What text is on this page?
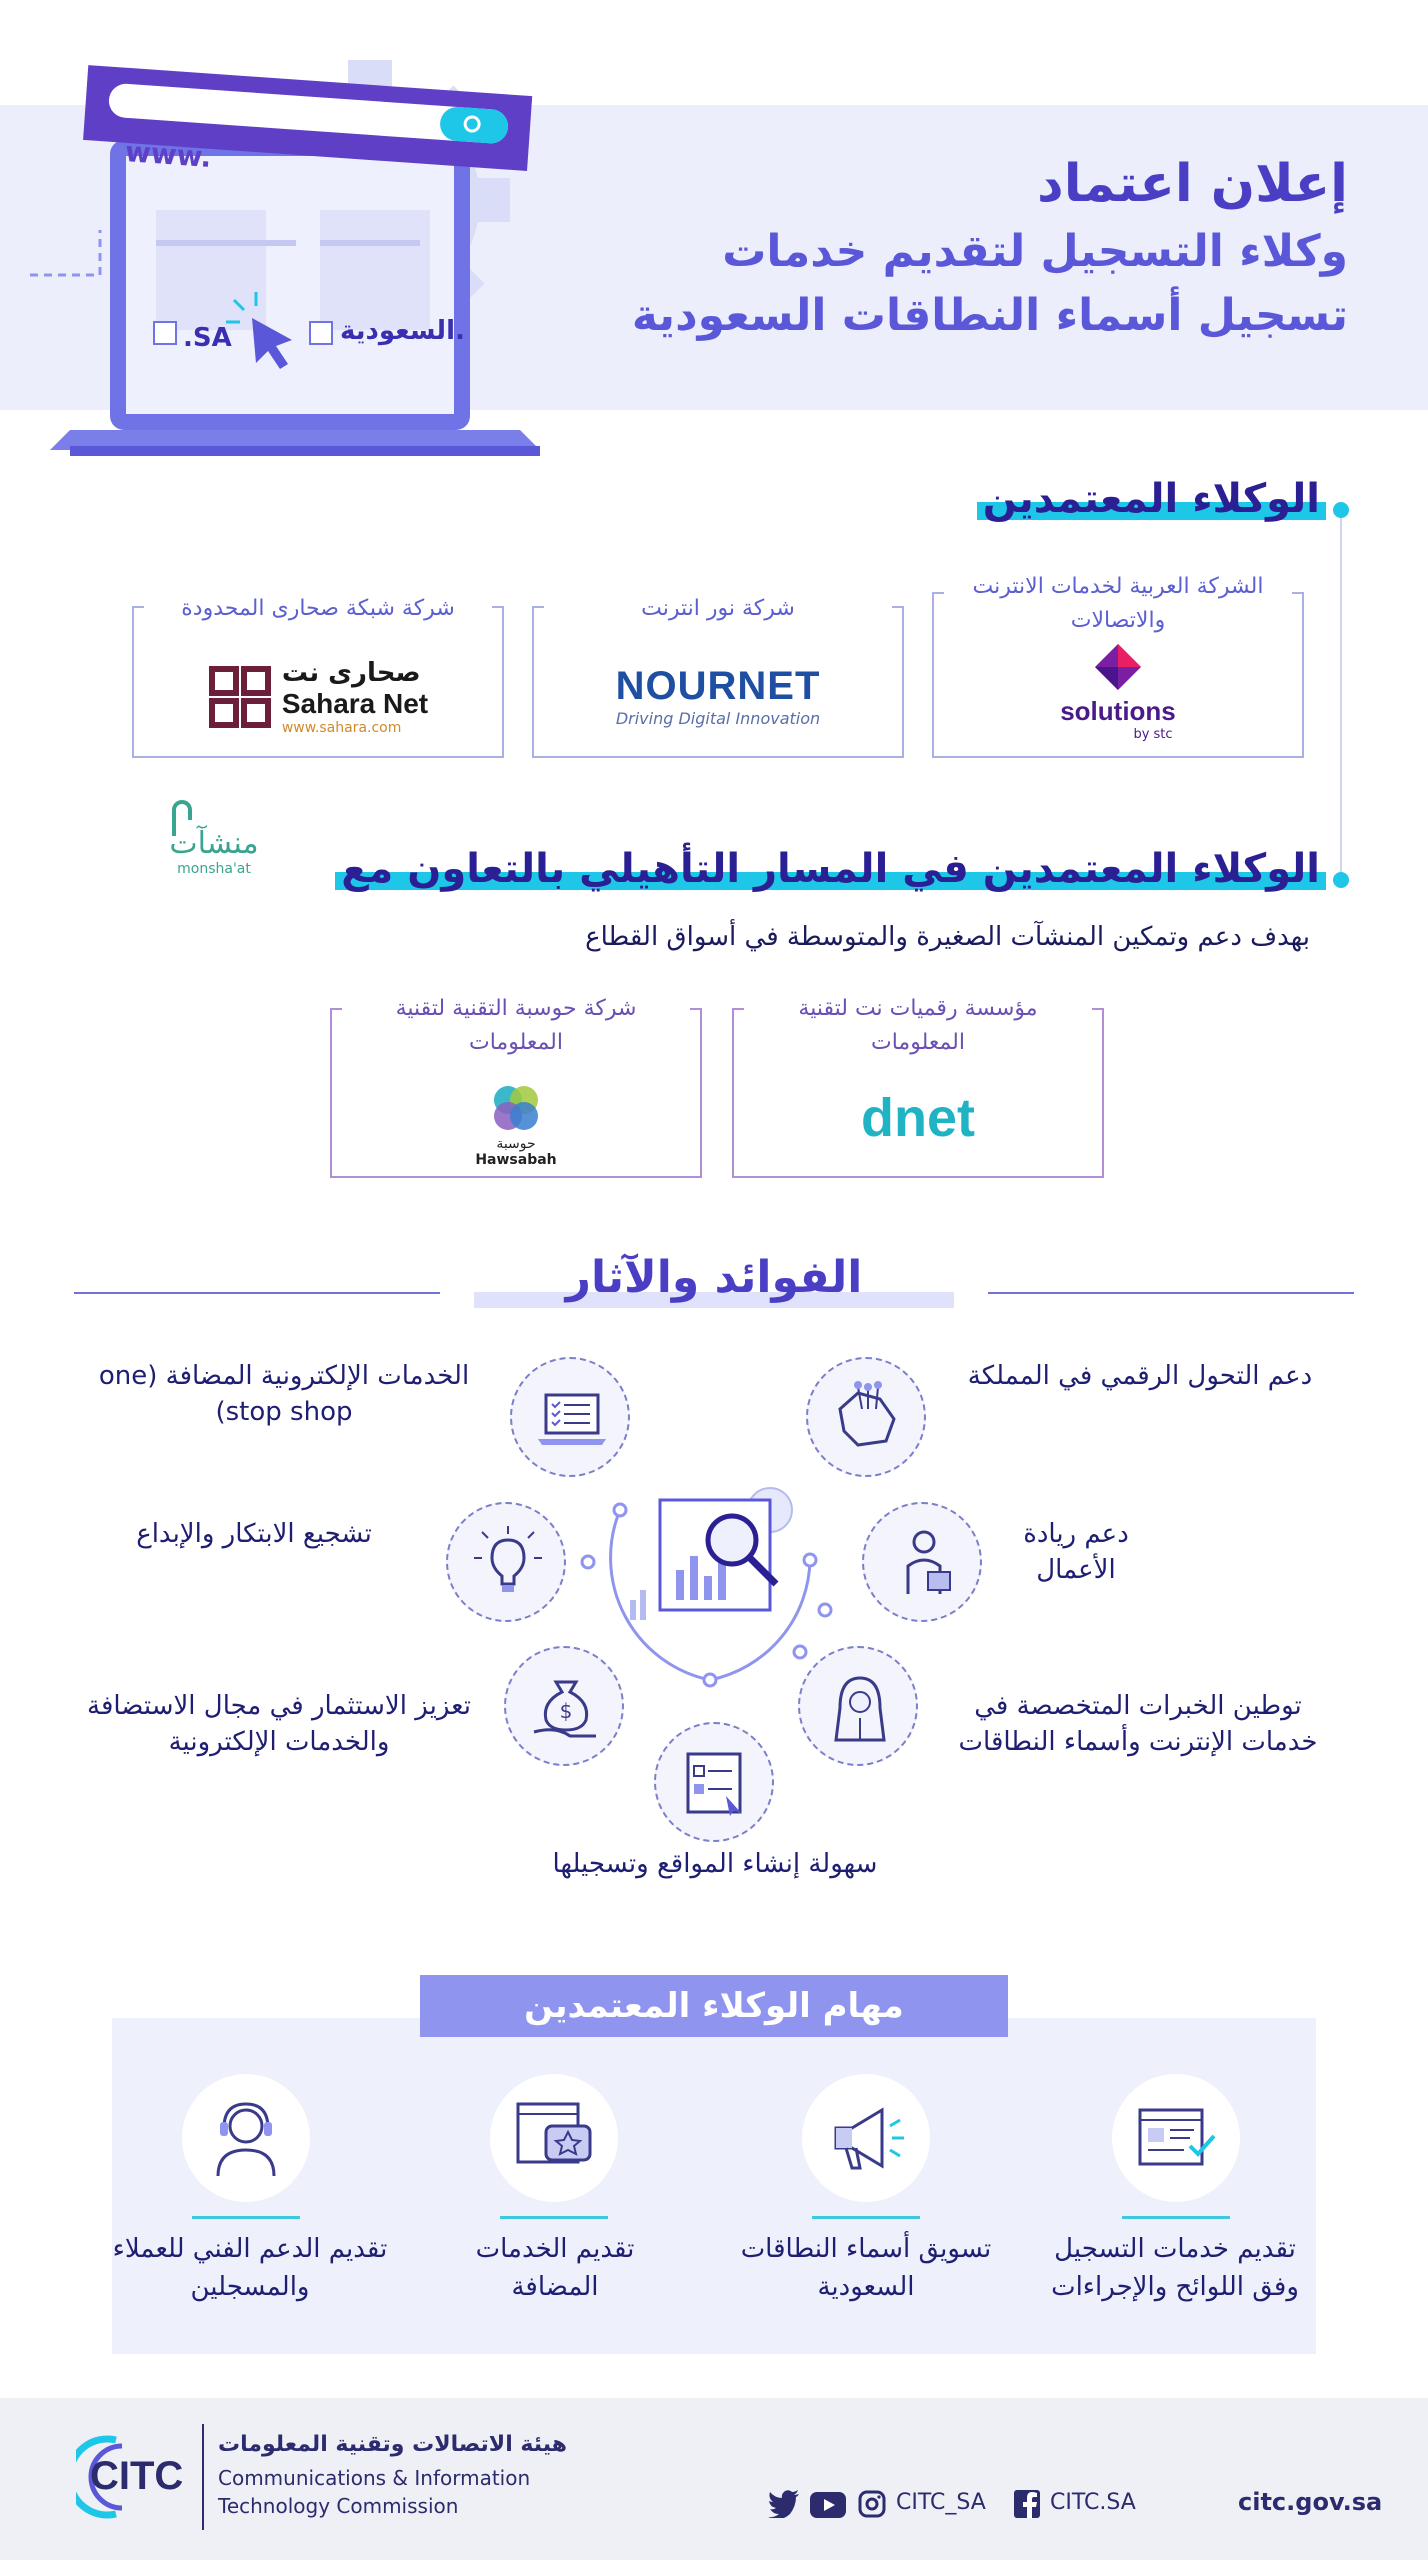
www.
.SA	.السعودية
إعلان اعتماد
وكلاء التسجيل لتقديم خدمات
تسجيل أسماء النطاقات السعودية
الوكلاء المعتمدين
الشركة العربية لخدمات الانترنت والاتصالات
solutions
by stc
شركة نور انترنت
NOURNET
Driving Digital Innovation
شركة شبكة صحارى المحدودة
صحارى نت
Sahara Net
www.sahara.com
الوكلاء المعتمدين في المسار التأهيلي بالتعاون مع
منشآت
monsha'at
بهدف دعم وتمكين المنشآت الصغيرة والمتوسطة في أسواق القطاع
مؤسسة رقميات نت لتقنية المعلومات
dnet
شركة حوسبة التقنية لتقنية المعلومات
حوسبة
Hawsabah
الفوائد والآثار
$
دعم التحول الرقمي في المملكة
دعم ريادة الأعمال
توطين الخبرات المتخصصة في خدمات الإنترنت وأسماء النطاقات
سهولة إنشاء المواقع وتسجيلها
تعزيز الاستثمار في مجال الاستضافة والخدمات الإلكترونية
تشجيع الابتكار والإبداع
الخدمات الإلكترونية المضافة (one stop shop)
مهام الوكلاء المعتمدين
تقديم خدمات التسجيل وفق اللوائح والإجراءات
تسويق أسماء النطاقات السعودية
تقديم الخدمات المضافة
تقديم الدعم الفني للعملاء والمسجلين
CITC
هيئة الاتصالات وتقنية المعلومات
Communications & Information
Technology Commission	CITC_SA	CITC.SA	citc.gov.sa
